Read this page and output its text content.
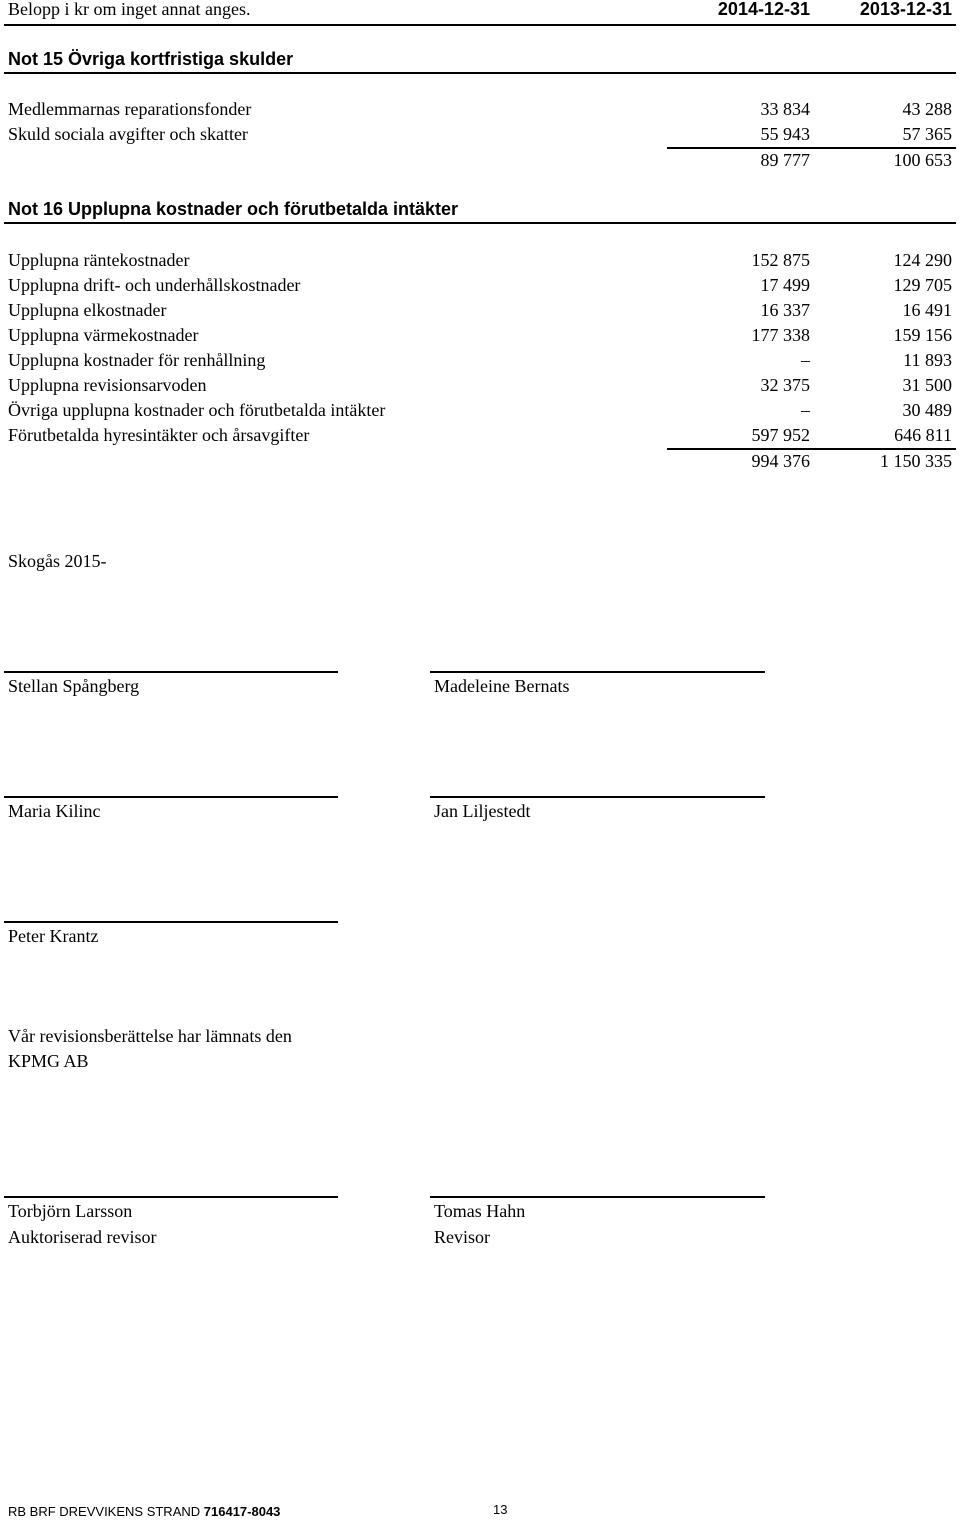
Belopp i kr om inget annat anges.	2014-12-31	2013-12-31
Not 15 Övriga kortfristiga skulder
Medlemmarnas reparationsfonder	33 834	43 288
Skuld sociala avgifter och skatter	55 943	57 365
89 777	100 653
Not 16 Upplupna kostnader och förutbetalda intäkter
Upplupna räntekostnader	152 875	124 290
Upplupna drift- och underhållskostnader	17 499	129 705
Upplupna elkostnader	16 337	16 491
Upplupna värmekostnader	177 338	159 156
Upplupna kostnader för renhållning	–	11 893
Upplupna revisionsarvoden	32 375	31 500
Övriga upplupna kostnader och förutbetalda intäkter	–	30 489
Förutbetalda hyresintäkter och årsavgifter	597 952	646 811
994 376	1 150 335
Skogås 2015-
Stellan Spångberg	Madeleine Bernats
Maria Kilinc	Jan Liljestedt
Peter Krantz
Vår revisionsberättelse har lämnats den
KPMG AB
Torbjörn Larsson
Auktoriserad revisor
Tomas Hahn
Revisor
RB BRF DREVVIKENS STRAND 716417-8043	13
